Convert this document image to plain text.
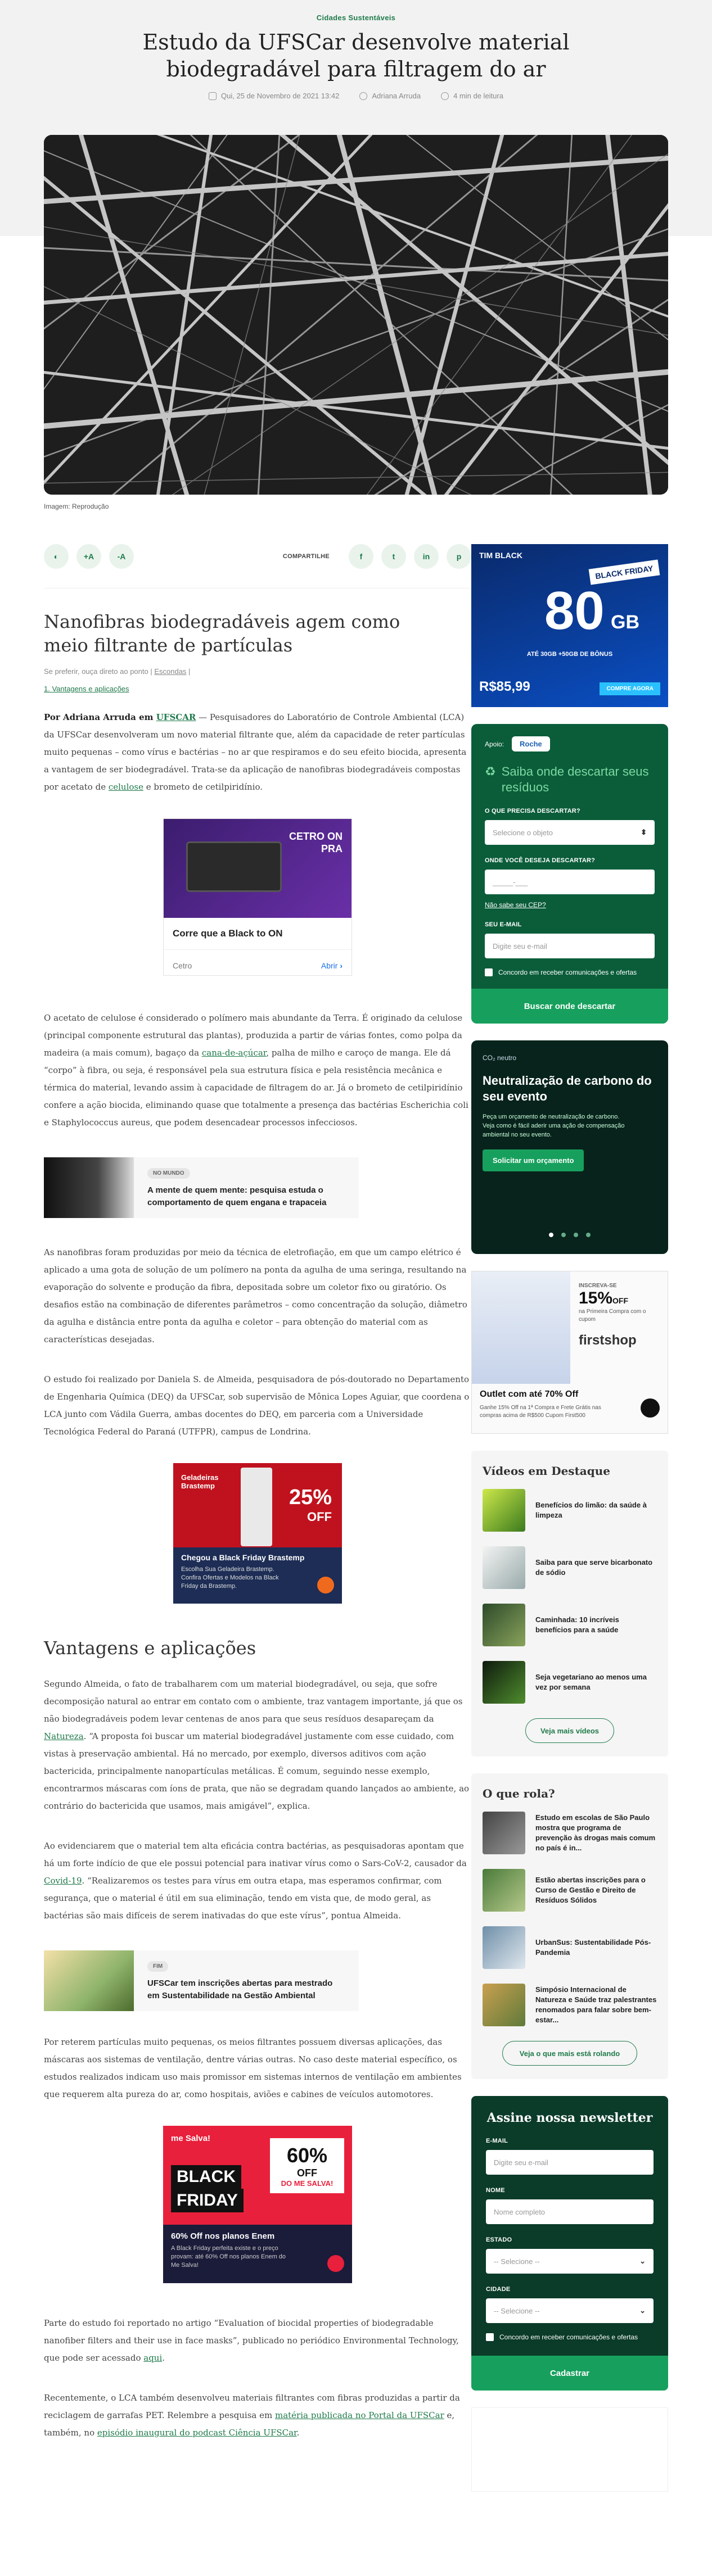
Cidades Sustentáveis
Estudo da UFSCar desenvolve material biodegradável para filtragem do ar
Qui, 25 de Novembro de 2021 13:42	Adriana Arruda	4 min de leitura
Imagem: Reprodução
◐	+A	-A	COMPARTILHE	f	t	in	p
Nanofibras biodegradáveis agem como meio filtrante de partículas
Se preferir, ouça direto ao ponto | Escondas |
1. Vantagens e aplicações

Por Adriana Arruda em UFSCAR — Pesquisadores do Laboratório de Controle Ambiental (LCA) da UFSCar desenvolveram um novo material filtrante que, além da capacidade de reter partículas muito pequenas – como vírus e bactérias – no ar que respiramos e do seu efeito biocida, apresenta a vantagem de ser biodegradável. Trata-se da aplicação de nanofibras biodegradáveis compostas por acetato de celulose e brometo de cetilpiridínio.

CETRO ON PRA
Corre que a Black to ON
Cetro	Abrir ›

O acetato de celulose é considerado o polímero mais abundante da Terra. É originado da celulose (principal componente estrutural das plantas), produzida a partir de várias fontes, como polpa da madeira (a mais comum), bagaço da cana-de-açúcar, palha de milho e caroço de manga. Ele dá “corpo” à fibra, ou seja, é responsável pela sua estrutura física e pela resistência mecânica e térmica do material, levando assim à capacidade de filtragem do ar. Já o brometo de cetilpiridínio confere a ação biocida, eliminando quase que totalmente a presença das bactérias Escherichia coli e Staphylococcus aureus, que podem desencadear processos infecciosos.

NO MUNDO
A mente de quem mente: pesquisa estuda o comportamento de quem engana e trapaceia

As nanofibras foram produzidas por meio da técnica de eletrofiação, em que um campo elétrico é aplicado a uma gota de solução de um polímero na ponta da agulha de uma seringa, resultando na evaporação do solvente e produção da fibra, depositada sobre um coletor fixo ou giratório. Os desafios estão na combinação de diferentes parâmetros – como concentração da solução, diâmetro da agulha e distância entre ponta da agulha e coletor – para obtenção do material com as características desejadas.

O estudo foi realizado por Daniela S. de Almeida, pesquisadora de pós-doutorado no Departamento de Engenharia Química (DEQ) da UFSCar, sob supervisão de Mônica Lopes Aguiar, que coordena o LCA junto com Vádila Guerra, ambas docentes do DEQ, em parceria com a Universidade Tecnológica Federal do Paraná (UTFPR), campus de Londrina.

Geladeiras Brastemp	25%
OFF
Chegou a Black Friday Brastemp
Escolha Sua Geladeira Brastemp. Confira Ofertas e Modelos na Black Friday da Brastemp.
Vantagens e aplicações

Segundo Almeida, o fato de trabalharem com um material biodegradável, ou seja, que sofre decomposição natural ao entrar em contato com o ambiente, traz vantagem importante, já que os não biodegradáveis podem levar centenas de anos para que seus resíduos desapareçam da Natureza. “A proposta foi buscar um material biodegradável justamente com esse cuidado, com vistas à preservação ambiental. Há no mercado, por exemplo, diversos aditivos com ação bactericida, principalmente nanopartículas metálicas. É comum, seguindo nesse exemplo, encontrarmos máscaras com íons de prata, que não se degradam quando lançados ao ambiente, ao contrário do bactericida que usamos, mais amigável”, explica.

Ao evidenciarem que o material tem alta eficácia contra bactérias, as pesquisadoras apontam que há um forte indício de que ele possui potencial para inativar vírus como o Sars-CoV-2, causador da Covid-19. “Realizaremos os testes para vírus em outra etapa, mas esperamos confirmar, com segurança, que o material é útil em sua eliminação, tendo em vista que, de modo geral, as bactérias são mais difíceis de serem inativadas do que este vírus”, pontua Almeida.

FIM
UFSCar tem inscrições abertas para mestrado em Sustentabilidade na Gestão Ambiental

Por reterem partículas muito pequenas, os meios filtrantes possuem diversas aplicações, das máscaras aos sistemas de ventilação, dentre várias outras. No caso deste material específico, os estudos realizados indicam uso mais promissor em sistemas internos de ventilação em ambientes que requerem alta pureza do ar, como hospitais, aviões e cabines de veículos automotores.

me Salva!
BLACK
FRIDAY
60%
OFF
DO ME SALVA!
60% Off nos planos Enem
A Black Friday perfeita existe e o preço provam: até 60% Off nos planos Enem do Me Salva!

Parte do estudo foi reportado no artigo “Evaluation of biocidal properties of biodegradable nanofiber filters and their use in face masks”, publicado no periódico Environmental Technology, que pode ser acessado aqui.

Recentemente, o LCA também desenvolveu materiais filtrantes com fibras produzidas a partir da reciclagem de garrafas PET. Relembre a pesquisa em matéria publicada no Portal da UFSCar e, também, no episódio inaugural do podcast Ciência UFSCar.

TIM BLACK
BLACK FRIDAY
80 GB
ATÉ 30GB +50GB DE BÔNUS
R$85,99	COMPRE AGORA
Apoio:	Roche
♻ Saiba onde descartar seus resíduos
O QUE PRECISA DESCARTAR?
Selecione o objeto	⬍
ONDE VOCÊ DESEJA DESCARTAR?
_____-___
Não sabe seu CEP?
SEU E-MAIL
Digite seu e-mail
Concordo em receber comunicações e ofertas
Buscar onde descartar
CO₂ neutro
Neutralização de carbono do seu evento
Peça um orçamento de neutralização de carbono. Veja como é fácil aderir uma ação de compensação ambiental no seu evento.
Solicitar um orçamento
INSCREVA-SE
15%OFF
na Primeira Compra com o cupom
firstshop
Outlet com até 70% Off
Ganhe 15% Off na 1ª Compra e Frete Grátis nas compras acima de R$500 Cupom First500
Vídeos em Destaque
Benefícios do limão: da saúde à limpeza
Saiba para que serve bicarbonato de sódio
Caminhada: 10 incríveis benefícios para a saúde
Seja vegetariano ao menos uma vez por semana
Veja mais vídeos
O que rola?
Estudo em escolas de São Paulo mostra que programa de prevenção às drogas mais comum no país é in...
Estão abertas inscrições para o Curso de Gestão e Direito de Resíduos Sólidos
UrbanSus: Sustentabilidade Pós-Pandemia
Simpósio Internacional de Natureza e Saúde traz palestrantes renomados para falar sobre bem-estar...
Veja o que mais está rolando
Assine nossa newsletter
E-MAIL
Digite seu e-mail
NOME
Nome completo
ESTADO
-- Selecione --	⌄
CIDADE
-- Selecione --	⌄
Concordo em receber comunicações e ofertas
Cadastrar
